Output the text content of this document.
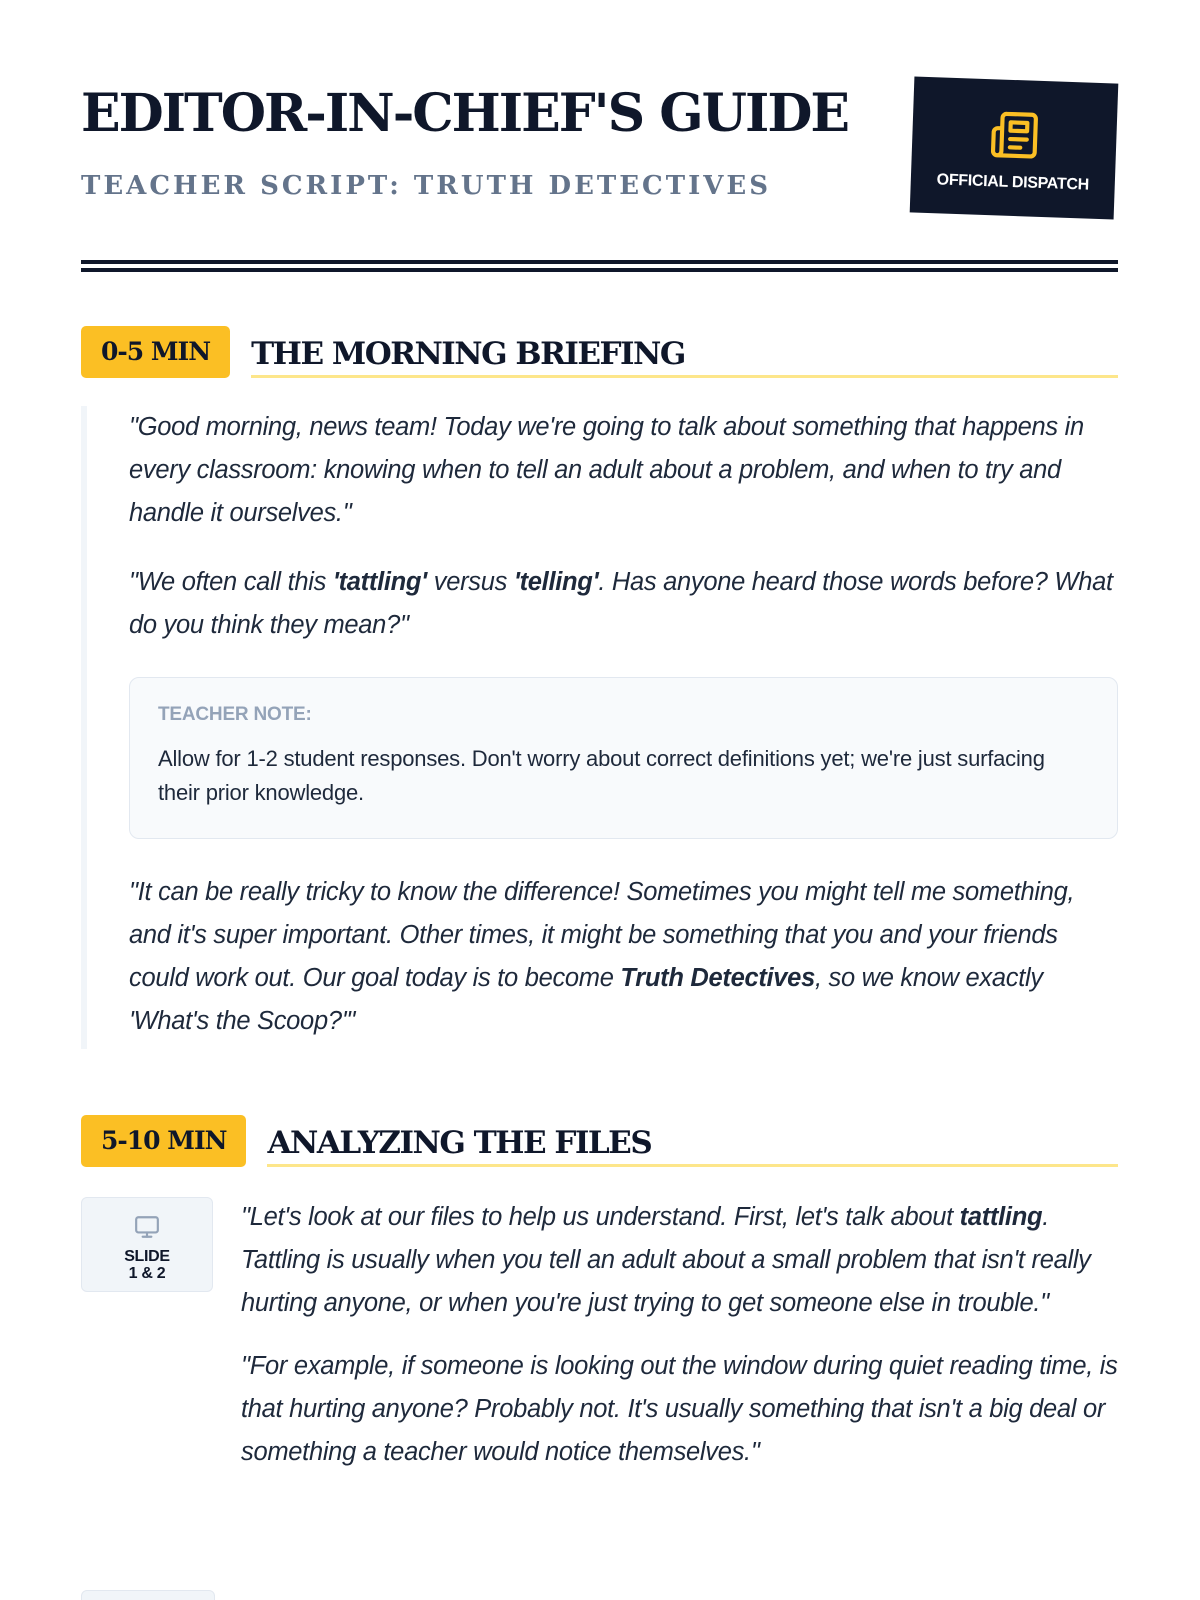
EDITOR-IN-CHIEF'S GUIDE
TEACHER SCRIPT: TRUTH DETECTIVES	OFFICIAL DISPATCH
0-5 MIN	THE MORNING BRIEFING

"Good morning, news team! Today we're going to talk about something that happens in every classroom: knowing when to tell an adult about a problem, and when to try and handle it ourselves."

"We often call this 'tattling' versus 'telling'. Has anyone heard those words before? What do you think they mean?"

TEACHER NOTE:

Allow for 1-2 student responses. Don't worry about correct definitions yet; we're just surfacing their prior knowledge.

"It can be really tricky to know the difference! Sometimes you might tell me something, and it's super important. Other times, it might be something that you and your friends could work out. Our goal today is to become Truth Detectives, so we know exactly 'What's the Scoop?'"

5-10 MIN	ANALYZING THE FILES
SLIDE
1 & 2

"Let's look at our files to help us understand. First, let's talk about tattling. Tattling is usually when you tell an adult about a small problem that isn't really hurting anyone, or when you're just trying to get someone else in trouble."

"For example, if someone is looking out the window during quiet reading time, is that hurting anyone? Probably not. It's usually something that isn't a big deal or something a teacher would notice themselves."
